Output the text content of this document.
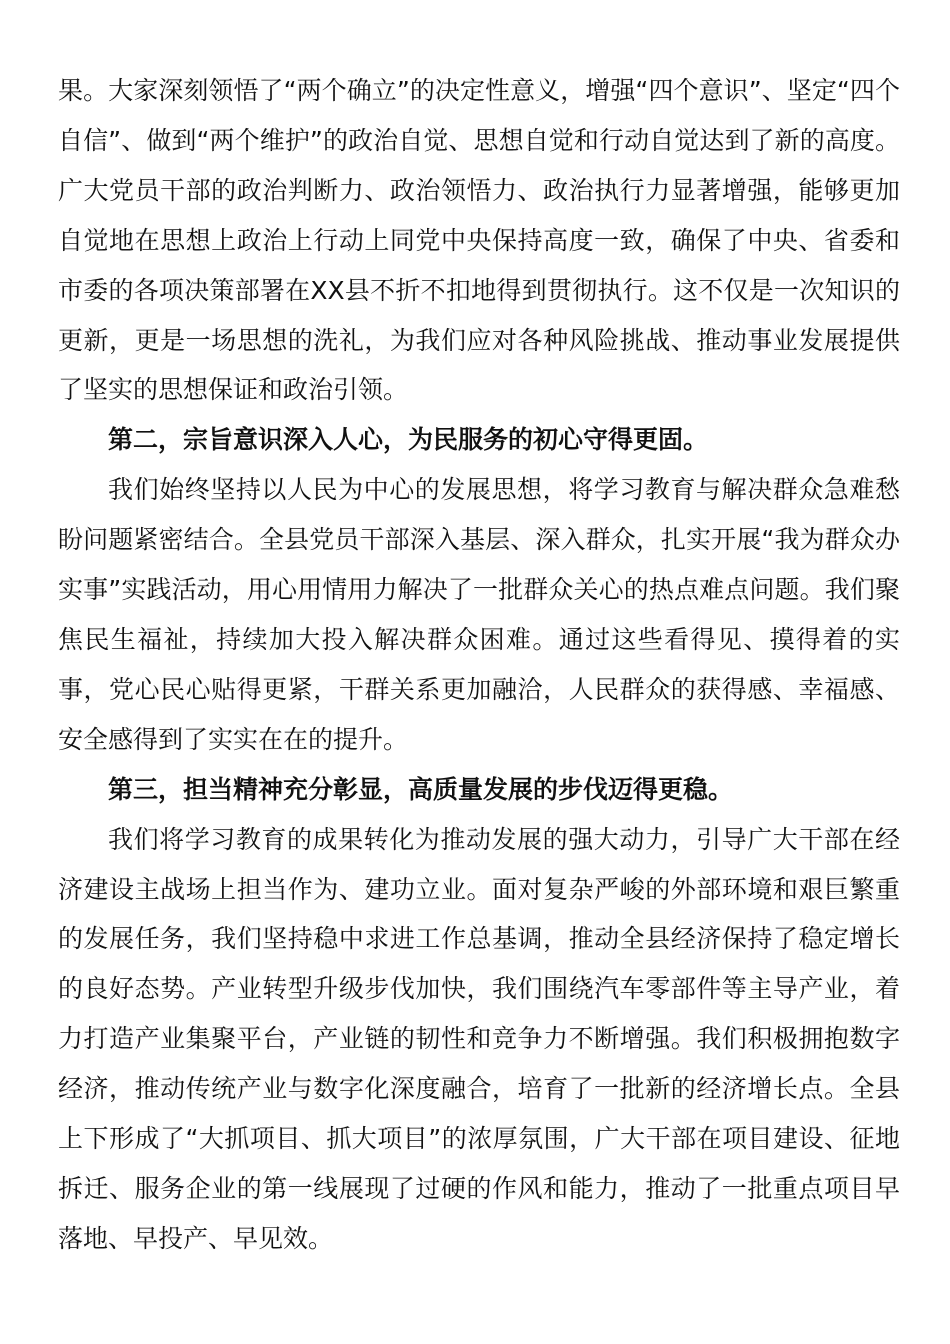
果。大家深刻领悟了“两个确立”的决定性意义，增强“四个意识”、坚定“四个自信”、做到“两个维护”的政治自觉、思想自觉和行动自觉达到了新的高度。广大党员干部的政治判断力、政治领悟力、政治执行力显著增强，能够更加自觉地在思想上政治上行动上同党中央保持高度一致，确保了中央、省委和市委的各项决策部署在XX县不折不扣地得到贯彻执行。这不仅是一次知识的更新，更是一场思想的洗礼，为我们应对各种风险挑战、推动事业发展提供了坚实的思想保证和政治引领。

第二，宗旨意识深入人心，为民服务的初心守得更固。

我们始终坚持以人民为中心的发展思想，将学习教育与解决群众急难愁盼问题紧密结合。全县党员干部深入基层、深入群众，扎实开展“我为群众办实事”实践活动，用心用情用力解决了一批群众关心的热点难点问题。我们聚焦民生福祉，持续加大投入解决群众困难。通过这些看得见、摸得着的实事，党心民心贴得更紧，干群关系更加融洽，人民群众的获得感、幸福感、安全感得到了实实在在的提升。

第三，担当精神充分彰显，高质量发展的步伐迈得更稳。

我们将学习教育的成果转化为推动发展的强大动力，引导广大干部在经济建设主战场上担当作为、建功立业。面对复杂严峻的外部环境和艰巨繁重的发展任务，我们坚持稳中求进工作总基调，推动全县经济保持了稳定增长的良好态势。产业转型升级步伐加快，我们围绕汽车零部件等主导产业，着力打造产业集聚平台，产业链的韧性和竞争力不断增强。我们积极拥抱数字经济，推动传统产业与数字化深度融合，培育了一批新的经济增长点。全县上下形成了“大抓项目、抓大项目”的浓厚氛围，广大干部在项目建设、征地拆迁、服务企业的第一线展现了过硬的作风和能力，推动了一批重点项目早落地、早投产、早见效。
